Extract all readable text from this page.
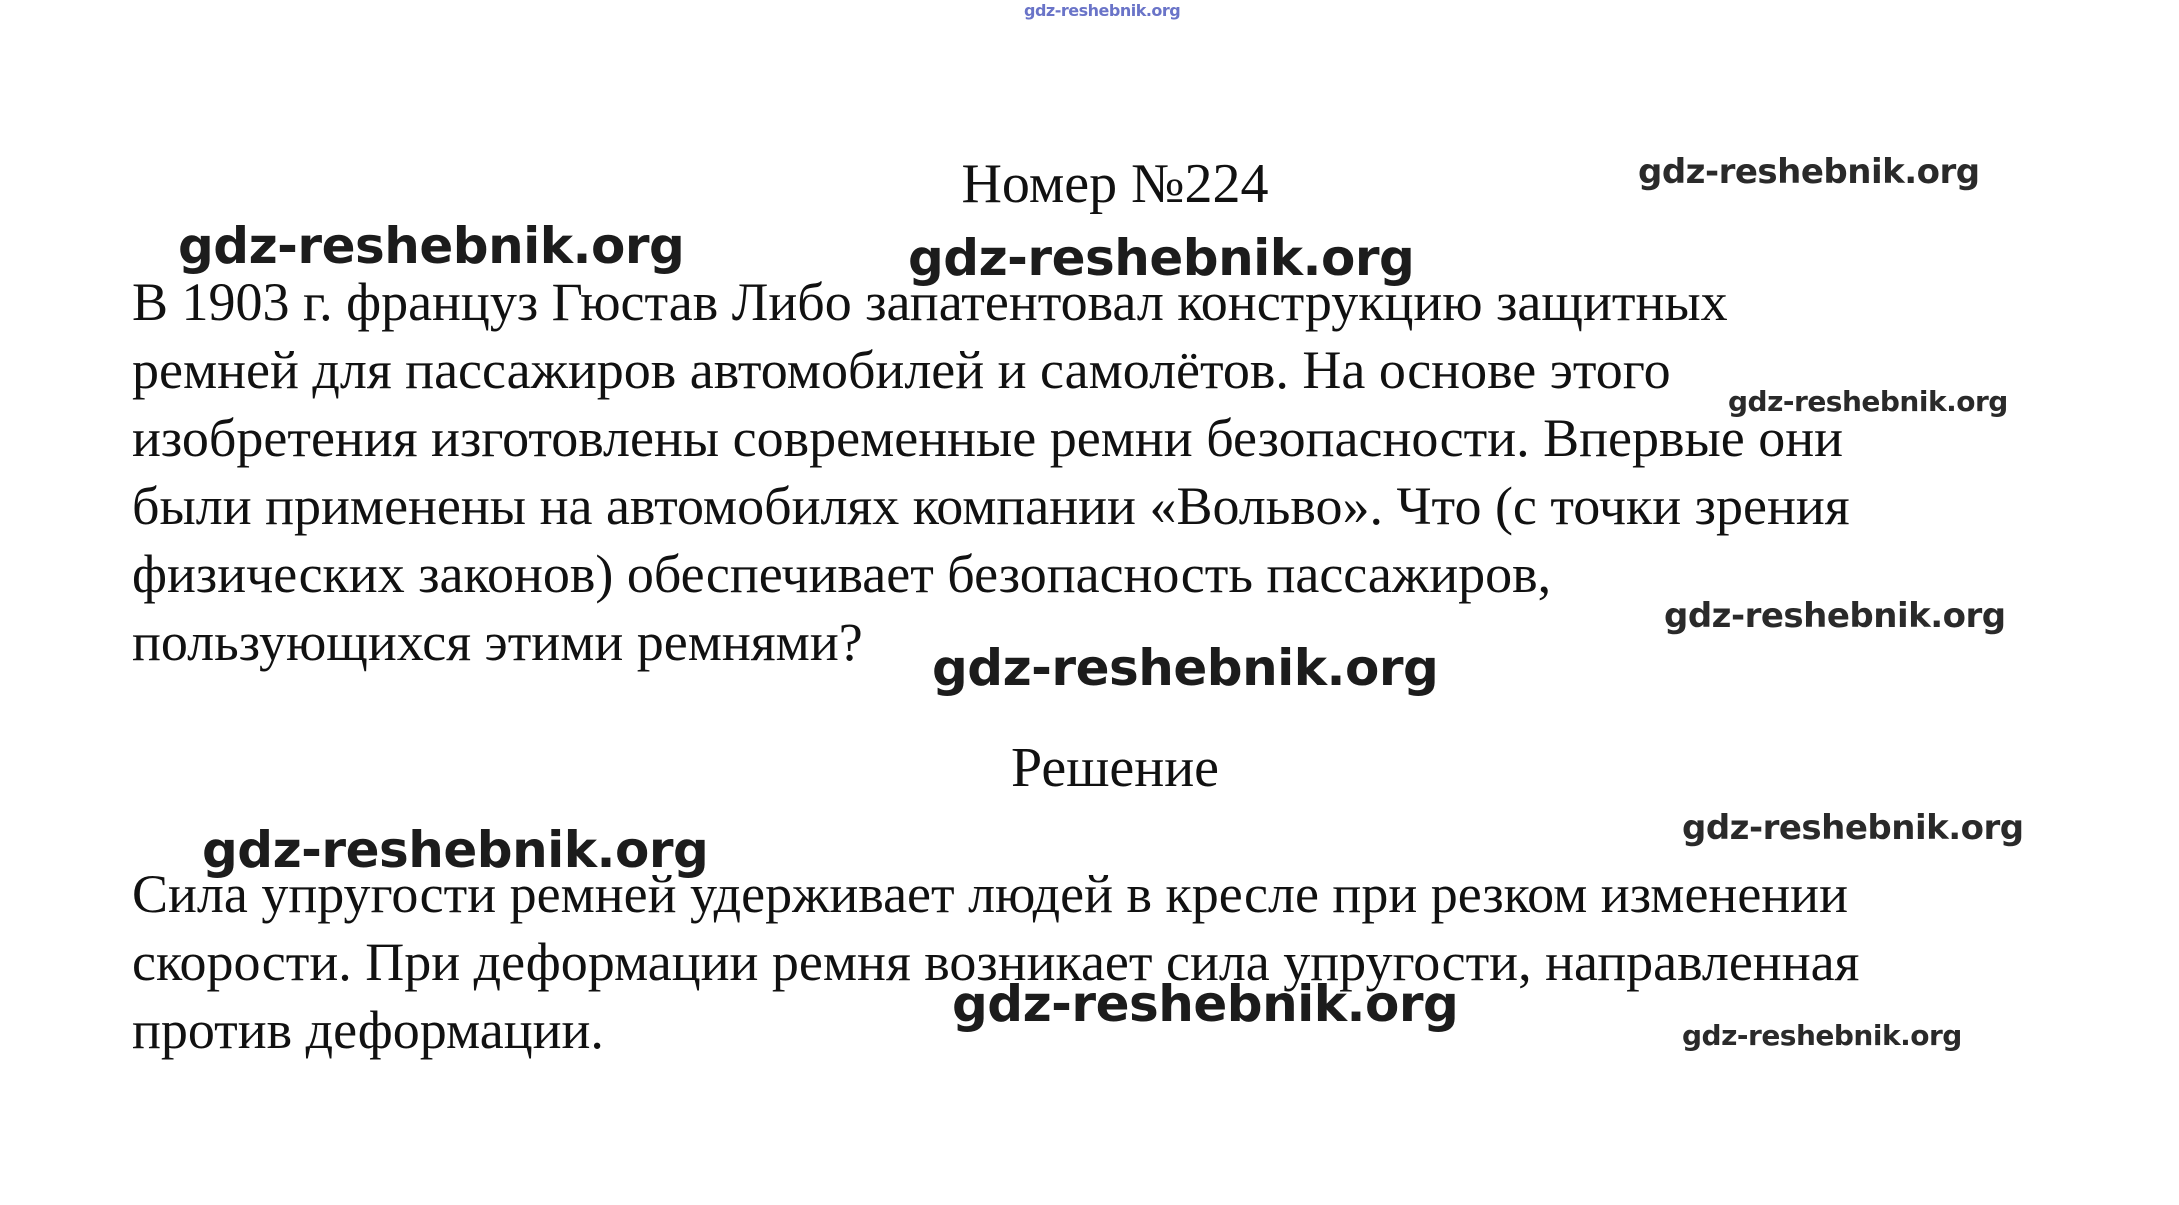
gdz-reshebnik.org
Номер №224
В 1903 г. француз Гюстав Либо запатентовал конструкцию защитных
ремней для пассажиров автомобилей и самолётов. На основе этого
изобретения изготовлены современные ремни безопасности. Впервые они
были применены на автомобилях компании «Вольво». Что (с точки зрения
физических законов) обеспечивает безопасность пассажиров,
пользующихся этими ремнями?
Решение
Сила упругости ремней удерживает людей в кресле при резком изменении
скорости. При деформации ремня возникает сила упругости, направленная
против деформации.
gdz-reshebnik.org
gdz-reshebnik.org	gdz-reshebnik.org
gdz-reshebnik.org
gdz-reshebnik.org
gdz-reshebnik.org
gdz-reshebnik.org
gdz-reshebnik.org
gdz-reshebnik.org
gdz-reshebnik.org
